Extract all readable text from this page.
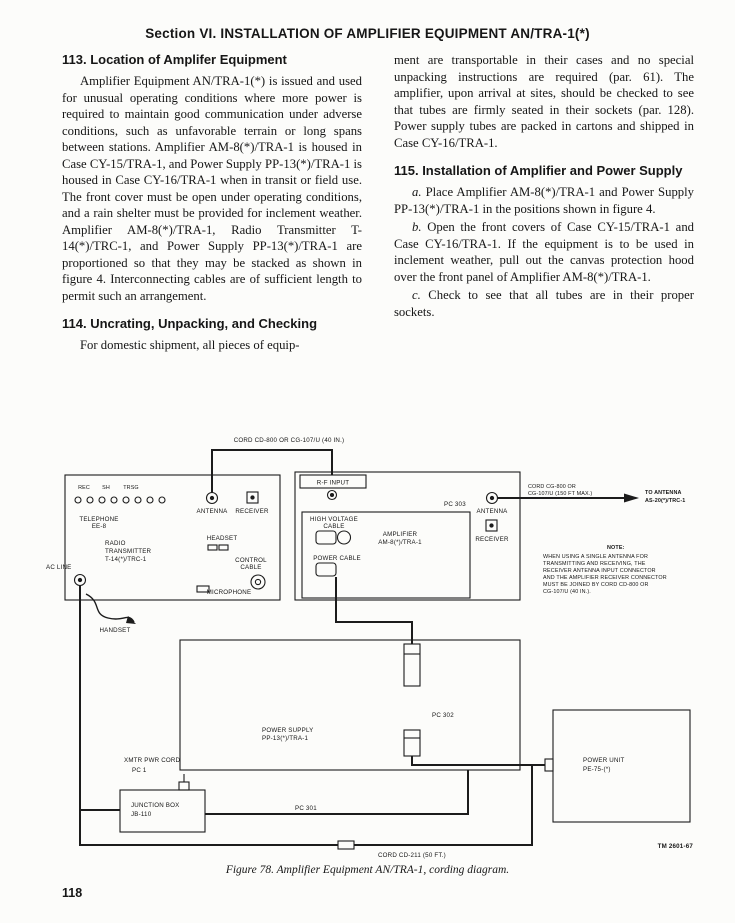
Section VI. INSTALLATION OF AMPLIFIER EQUIPMENT AN/TRA-1(*)
113. Location of Amplifer Equipment

Amplifier Equipment AN/TRA-1(*) is issued and used for unusual operating conditions where more power is required to maintain good communication under adverse conditions, such as unfavorable terrain or long spans between stations. Amplifier AM-8(*)/TRA-1 is housed in Case CY-15/TRA-1, and Power Supply PP-13(*)/TRA-1 is housed in Case CY-16/TRA-1 when in transit or field use. The front cover must be open under operating conditions, and a rain shelter must be provided for inclement weather. Amplifier AM-8(*)/TRA-1, Radio Transmitter T-14(*)/TRC-1, and Power Supply PP-13(*)/TRA-1 are proportioned so that they may be stacked as shown in figure 4. Interconnecting cables are of sufficient length to permit such an arrangement.

114. Uncrating, Unpacking, and Checking

For domestic shipment, all pieces of equip-

ment are transportable in their cases and no special unpacking instructions are required (par. 61). The amplifier, upon arrival at sites, should be checked to see that tubes are firmly seated in their sockets (par. 128). Power supply tubes are packed in cartons and shipped in Case CY-16/TRA-1.

115. Installation of Amplifier and Power Supply

a. Place Amplifier AM-8(*)/TRA-1 and Power Supply PP-13(*)/TRA-1 in the positions shown in figure 4.

b. Open the front covers of Case CY-15/TRA-1 and Case CY-16/TRA-1. If the equipment is to be used in inclement weather, pull out the canvas protection hood over the front panel of Amplifier AM-8(*)/TRA-1.

c. Check to see that all tubes are in their proper sockets.

CORD CD-800 OR CG-107/U (40 IN.)
REC SH TRSG
TELEPHONE
EE-8
RADIO
TRANSMITTER
T-14(*)/TRC-1
ANTENNA RECEIVER
HEADSET
CONTROL
CABLE
MICROPHONE
AC LINE
HANDSET
R-F INPUT
PC 303
HIGH VOLTAGE
CABLE
AMPLIFIER
AM-8(*)/TRA-1
POWER CABLE
ANTENNA
RECEIVER
CORD CG-800 OR
CG-107/U (150 FT MAX.)	TO ANTENNA
AS-20(*)/TRC-1
NOTE:
WHEN USING A SINGLE ANTENNA FOR
TRANSMITTING AND RECEIVING, THE
RECEIVER ANTENNA INPUT CONNECTOR
AND THE AMPLIFIER RECEIVER CONNECTOR
MUST BE JOINED BY CORD CD-800 OR
CG-107/U (40 IN.).
POWER SUPPLY
PP-13(*)/TRA-1
PC 302
XMTR PWR CORD
PC 1
JUNCTION BOX
JB-110
PC 301
POWER UNIT
PE-75-(*)
CORD CD-211 (50 FT.)
TM 2601-67
Figure 78. Amplifier Equipment AN/TRA-1, cording diagram.
118
